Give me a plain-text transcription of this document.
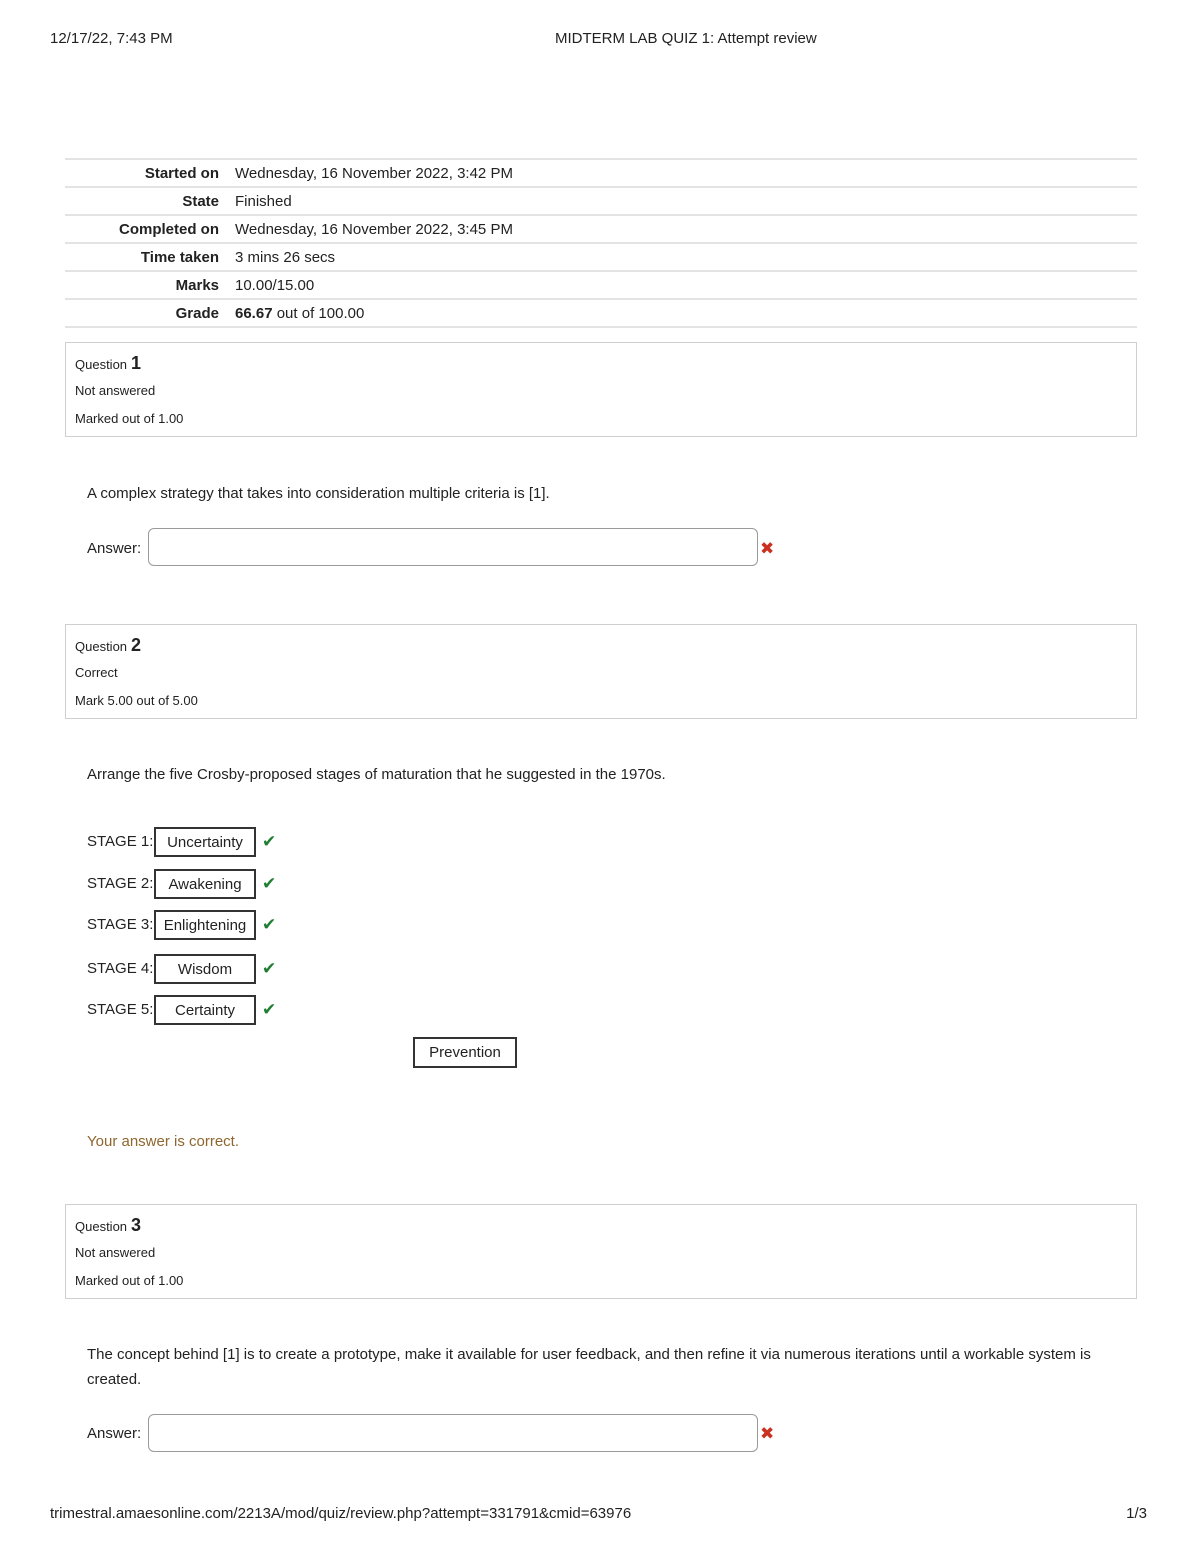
12/17/22, 7:43 PM	MIDTERM LAB QUIZ 1: Attempt review
Started on	Wednesday, 16 November 2022, 3:42 PM
State	Finished
Completed on	Wednesday, 16 November 2022, 3:45 PM
Time taken	3 mins 26 secs
Marks	10.00/15.00
Grade	66.67 out of 100.00
Question 1
Not answered
Marked out of 1.00
A complex strategy that takes into consideration multiple criteria is [1].
Answer:	✖
Question 2
Correct
Mark 5.00 out of 5.00
Arrange the five Crosby-proposed stages of maturation that he suggested in the 1970s.
STAGE 1: Uncertainty	✔
STAGE 2:	Awakening	✔
STAGE 3: Enlightening ✔
STAGE 4:	Wisdom	✔
STAGE 5:	Certainty	✔
Prevention
Your answer is correct.
Question 3
Not answered
Marked out of 1.00
The concept behind [1] is to create a prototype, make it available for user feedback, and then refine it via numerous iterations until a workable system is created.
Answer:	✖
trimestral.amaesonline.com/2213A/mod/quiz/review.php?attempt=331791&cmid=63976	1/3
